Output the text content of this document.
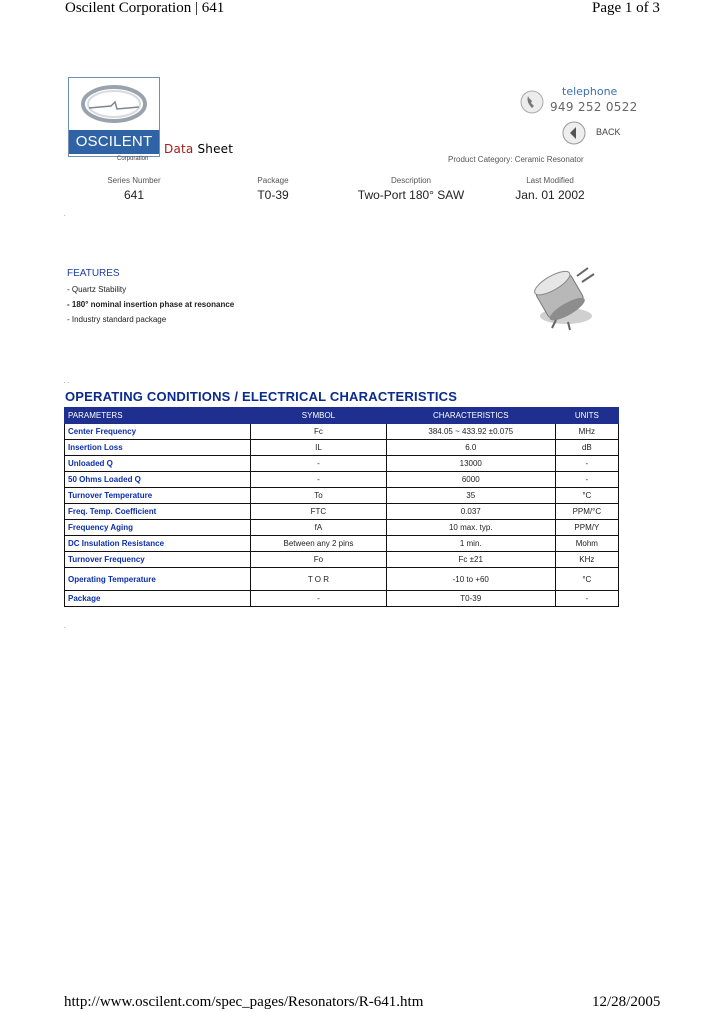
Oscilent Corporation | 641	Page 1 of 3
OSCILENT
Corporation
Data Sheet
telephone
949 252 0522
BACK
Product Category: Ceramic Resonator
Series Number
641
Package
T0-39
Description
Two-Port 180° SAW
Last Modified
Jan. 01 2002
.
FEATURES
- Quartz Stability
- 180° nominal insertion phase at resonance
- Industry standard package
. .
OPERATING CONDITIONS / ELECTRICAL CHARACTERISTICS
PARAMETERS	SYMBOL	CHARACTERISTICS	UNITS
Center Frequency	Fc	384.05 ~ 433.92 ±0.075	MHz
Insertion Loss	IL	6.0	dB
Unloaded Q	-	13000	-
50 Ohms Loaded Q	-	6000	-
Turnover Temperature	To	35	°C
Freq. Temp. Coefficient	FTC	0.037	PPM/°C
Frequency Aging	fA	10 max. typ.	PPM/Y
DC Insulation Resistance	Between any 2 pins	1 min.	Mohm
Turnover Frequency	Fo	Fc ±21	KHz
Operating Temperature	T O R	-10 to +60	°C
Package	-	T0-39	-
.
http://www.oscilent.com/spec_pages/Resonators/R-641.htm	12/28/2005
